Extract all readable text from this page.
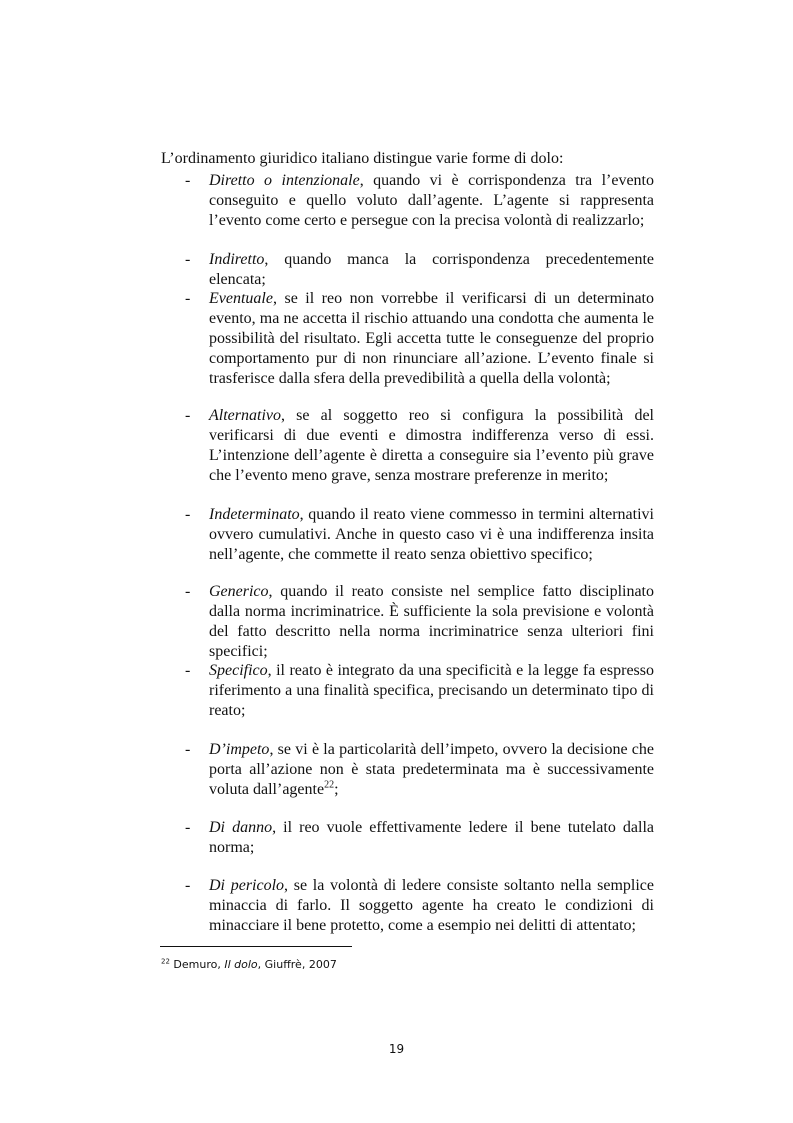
L’ordinamento giuridico italiano distingue varie forme di dolo:
- Diretto o intenzionale, quando vi è corrispondenza tra l’evento conseguito e quello voluto dall’agente. L’agente si rappresenta l’evento come certo e persegue con la precisa volontà di realizzarlo;
- Indiretto, quando manca la corrispondenza precedentemente elencata;
- Eventuale, se il reo non vorrebbe il verificarsi di un determinato evento, ma ne accetta il rischio attuando una condotta che aumenta le possibilità del risultato. Egli accetta tutte le conseguenze del proprio comportamento pur di non rinunciare all’azione. L’evento finale si trasferisce dalla sfera della prevedibilità a quella della volontà;
- Alternativo, se al soggetto reo si configura la possibilità del verificarsi di due eventi e dimostra indifferenza verso di essi. L’intenzione dell’agente è diretta a conseguire sia l’evento più grave che l’evento meno grave, senza mostrare preferenze in merito;
- Indeterminato, quando il reato viene commesso in termini alternativi ovvero cumulativi. Anche in questo caso vi è una indifferenza insita nell’agente, che commette il reato senza obiettivo specifico;
- Generico, quando il reato consiste nel semplice fatto disciplinato dalla norma incriminatrice. È sufficiente la sola previsione e volontà del fatto descritto nella norma incriminatrice senza ulteriori fini specifici;
- Specifico, il reato è integrato da una specificità e la legge fa espresso riferimento a una finalità specifica, precisando un determinato tipo di reato;
- D’impeto, se vi è la particolarità dell’impeto, ovvero la decisione che porta all’azione non è stata predeterminata ma è successivamente voluta dall’agente$^{22}$;
- Di danno, il reo vuole effettivamente ledere il bene tutelato dalla norma;
- Di pericolo, se la volontà di ledere consiste soltanto nella semplice minaccia di farlo. Il soggetto agente ha creato le condizioni di minacciare il bene protetto, come a esempio nei delitti di attentato;
$^{22}$ Demuro, Il dolo, Giuffrè, 2007
19
